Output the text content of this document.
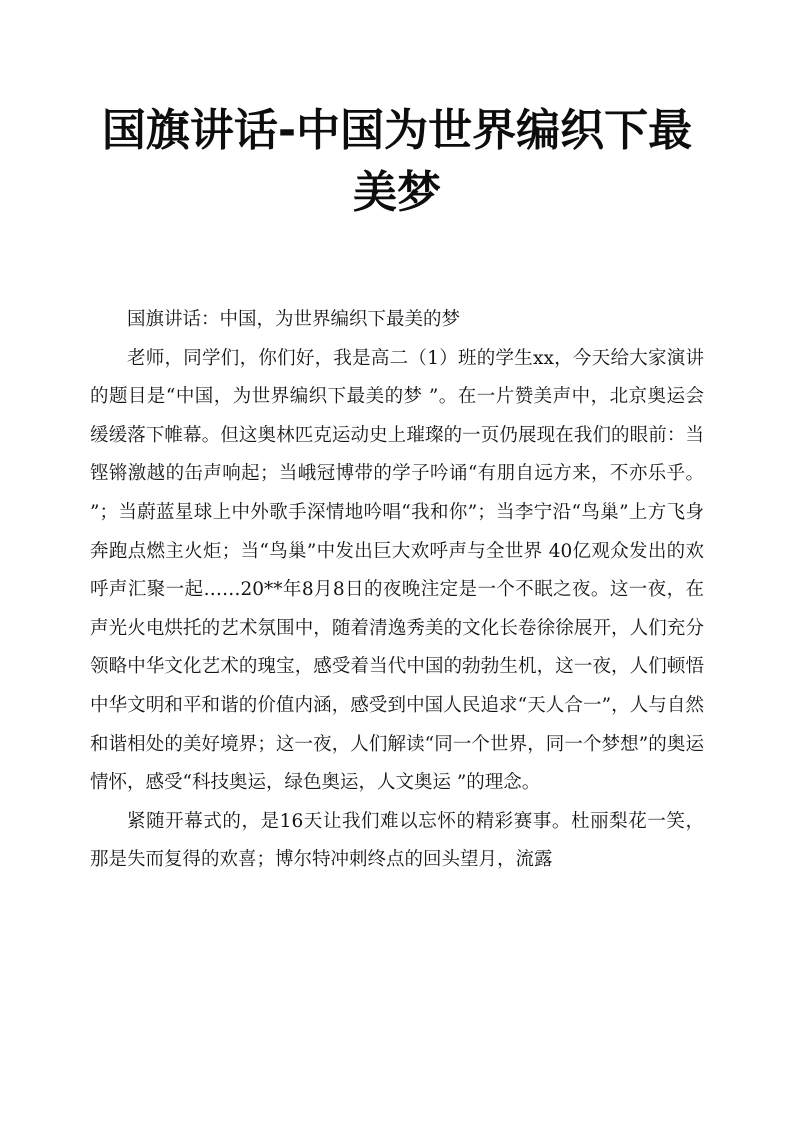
国旗讲话-中国为世界编织下最美梦

国旗讲话：中国，为世界编织下最美的梦

老师，同学们，你们好，我是高二（1）班的学生xx，今天给大家演讲的题目是“中国，为世界编织下最美的梦 ”。在一片赞美声中，北京奥运会缓缓落下帷幕。但这奥林匹克运动史上璀璨的一页仍展现在我们的眼前：当铿锵激越的缶声响起；当峨冠博带的学子吟诵“有朋自远方来，不亦乐乎。 ”；当蔚蓝星球上中外歌手深情地吟唱“我和你”；当李宁沿“鸟巢”上方飞身奔跑点燃主火炬；当“鸟巢”中发出巨大欢呼声与全世界 40亿观众发出的欢呼声汇聚一起……20**年8月8日的夜晚注定是一个不眠之夜。这一夜，在声光火电烘托的艺术氛围中，随着清逸秀美的文化长卷徐徐展开，人们充分领略中华文化艺术的瑰宝，感受着当代中国的勃勃生机，这一夜，人们顿悟中华文明和平和谐的价值内涵，感受到中国人民追求“天人合一”，人与自然和谐相处的美好境界；这一夜，人们解读“同一个世界，同一个梦想”的奥运情怀，感受“科技奥运，绿色奥运，人文奥运 ”的理念。

紧随开幕式的，是16天让我们难以忘怀的精彩赛事。杜丽梨花一笑，那是失而复得的欢喜；博尔特冲刺终点的回头望月，流露
